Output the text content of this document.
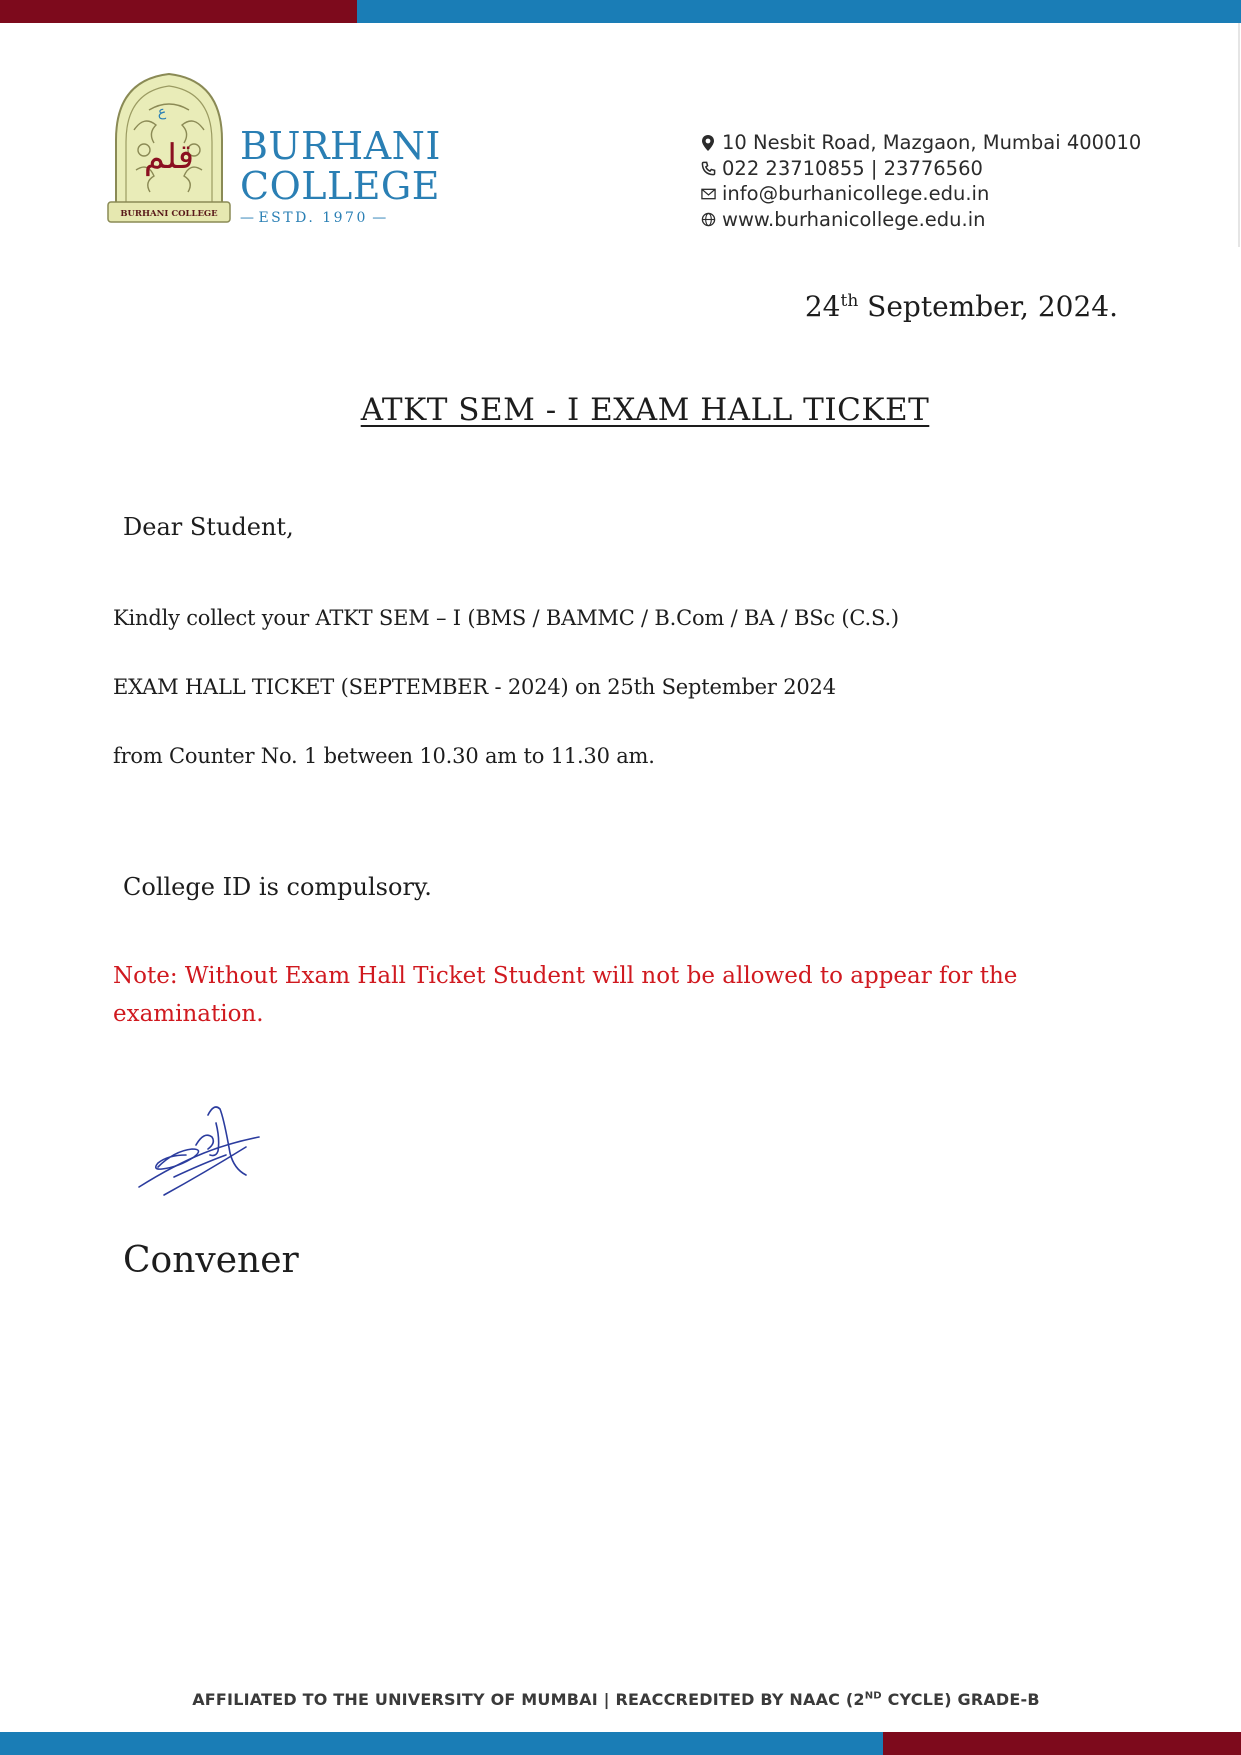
قلم
ع
BURHANI COLLEGE
BURHANI
COLLEGE
— ESTD. 1970 —
10 Nesbit Road, Mazgaon, Mumbai 400010
022 23710855 | 23776560
info@burhanicollege.edu.in
www.burhanicollege.edu.in
24th September, 2024.
ATKT SEM - I EXAM HALL TICKET
Dear Student,
Kindly collect your ATKT SEM – I (BMS / BAMMC / B.Com / BA / BSc (C.S.)
EXAM HALL TICKET (SEPTEMBER - 2024) on 25th September 2024
from Counter No. 1 between 10.30 am to 11.30 am.
College ID is compulsory.
Note: Without Exam Hall Ticket Student will not be allowed to appear for the examination.
Convener
AFFILIATED TO THE UNIVERSITY OF MUMBAI | REACCREDITED BY NAAC (2ND CYCLE) GRADE-B
